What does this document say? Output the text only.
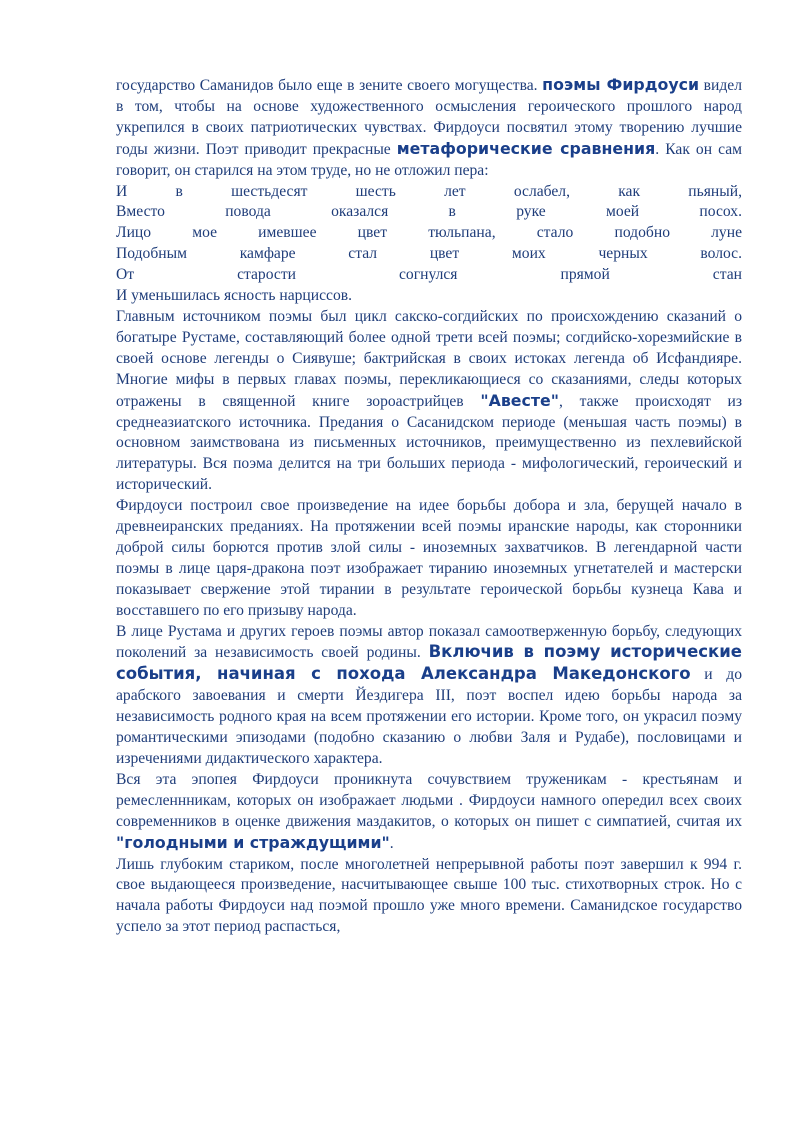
государство Саманидов было еще в зените своего могущества. поэмы Фирдоуси видел в том, чтобы на основе художественного осмысления героического прошлого народ укрепился в своих патриотических чувствах. Фирдоуси посвятил этому творению лучшие годы жизни. Поэт приводит прекрасные метафорические сравнения. Как он сам говорит, он старился на этом труде, но не отложил пера:

И в шестьдесят шесть лет ослабел, как пьяный,

Вместо повода оказался в руке моей посох.

Лицо мое имевшее цвет тюльпана, стало подобно луне

Подобным камфаре стал цвет моих черных волос.

От старости согнулся прямой стан

И уменьшилась ясность нарциссов.

Главным источником поэмы был цикл сакско-согдийских по происхождению сказаний о богатыре Рустаме, составляющий более одной трети всей поэмы; согдийско-хорезмийские в своей основе легенды о Сиявуше; бактрийская в своих истоках легенда об Исфандияре. Многие мифы в первых главах поэмы, перекликающиеся со сказаниями, следы которых отражены в священной книге зороастрийцев "Авесте", также происходят из среднеазиатского источника. Предания о Сасанидском периоде (меньшая часть поэмы) в основном заимствована из письменных источников, преимущественно из пехлевийской литературы. Вся поэма делится на три больших периода - мифологический, героический и исторический.

Фирдоуси построил свое произведение на идее борьбы добора и зла, берущей начало в древнеиранских преданиях. На протяжении всей поэмы иранские народы, как сторонники доброй силы борются против злой силы - иноземных захватчиков. В легендарной части поэмы в лице царя-дракона поэт изображает тиранию иноземных угнетателей и мастерски показывает свержение этой тирании в результате героической борьбы кузнеца Кава и восставшего по его призыву народа.

В лице Рустама и других героев поэмы автор показал самоотверженную борьбу, следующих поколений за независимость своей родины. Включив в поэму исторические события, начиная с похода Александра Македонского и до арабского завоевания и смерти Йездигера III, поэт воспел идею борьбы народа за независимость родного края на всем протяжении его истории. Кроме того, он украсил поэму романтическими эпизодами (подобно сказанию о любви Заля и Рудабе), пословицами и изречениями дидактического характера.

Вся эта эпопея Фирдоуси проникнута сочувствием труженикам - крестьянам и ремесленнникам, которых он изображает людьми . Фирдоуси намного опередил всех своих современников в оценке движения маздакитов, о которых он пишет с симпатией, считая их "голодными и страждущими".

Лишь глубоким стариком, после многолетней непрерывной работы поэт завершил к 994 г. свое выдающееся произведение, насчитывающее свыше 100 тыс. стихотворных строк. Но с начала работы Фирдоуси над поэмой прошло уже много времени. Саманидское государство успело за этот период распасться,
